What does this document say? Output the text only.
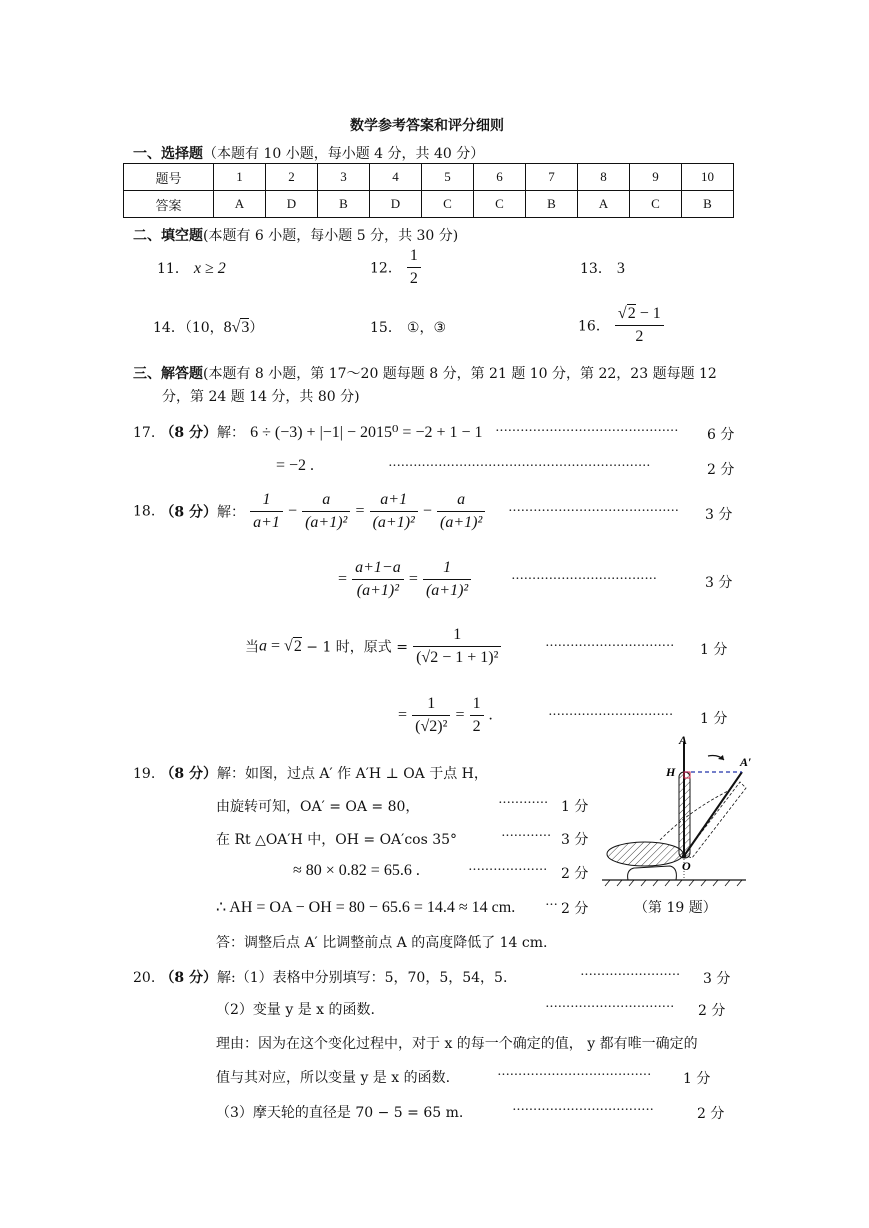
数学参考答案和评分细则
一、选择题（本题有 10 小题，每小题 4 分，共 40 分）
题号	1	2	3	4	5	6	7	8	9	10
答案	A	D	B	D	C	C	B	A	C	B
二、填空题(本题有 6 小题，每小题 5 分，共 30 分)
11． x ≥ 2	12． $\frac{1}{2}$	13． 3
14．（10，8√3）	15． ①，③	16． $\frac{√2 - 1}{2}$
三、解答题(本题有 8 小题，第 17～20 题每题 8 分，第 21 题 10 分，第 22，23 题每题 12
分，第 24 题 14 分，共 80 分)
17. （8 分）解： 6 ÷ (−3) + |−1| − 2015⁰ = −2 + 1 − 1 ············································ 6 分
= −2 .	·······························································	2 分
18. （8 分）解： $\frac{1}{a+1} - \frac{a}{\text{(a+1)²}} = \frac{a+1}{\text{(a+1)²}} - \frac{a}{\text{(a+1)²}}$ ········································· 3 分
= $\frac{a+1-a}{\text{(a+1)²}} = \frac{1}{\text{(a+1)²}}$	···································	3 分
当a = √2 − 1 时，原式 = $\frac{1}{\text{(√2 − 1 + 1)²}}$	······························· 1 分
= $\frac{1}{\text{(√2)²}} = \frac{1}{2}$ .	······························ 1 分
19. （8 分）解：如图，过点 A′ 作 A′H ⊥ OA 于点 H，
由旋转可知，OA′ = OA = 80，	············ 1 分
在 Rt △OA′H 中，OH = OA′cos 35°	············ 3 分
≈ 80 × 0.82 = 65.6 .	··················· 2 分
∴ AH = OA − OH = 80 − 65.6 = 14.4 ≈ 14 cm. ··· 2 分
答：调整后点 A′ 比调整前点 A 的高度降低了 14 cm.
A
A′
H
O
（第 19 题）
20. （8 分）解:（1）表格中分别填写：5，70，5，54，5.	························ 3 分
（2）变量 y 是 x 的函数.	······························· 2 分
理由：因为在这个变化过程中，对于 x 的每一个确定的值， y 都有唯一确定的
值与其对应，所以变量 y 是 x 的函数.	····································· 1 分
（3）摩天轮的直径是 70 − 5 = 65 m.	··································	2 分
